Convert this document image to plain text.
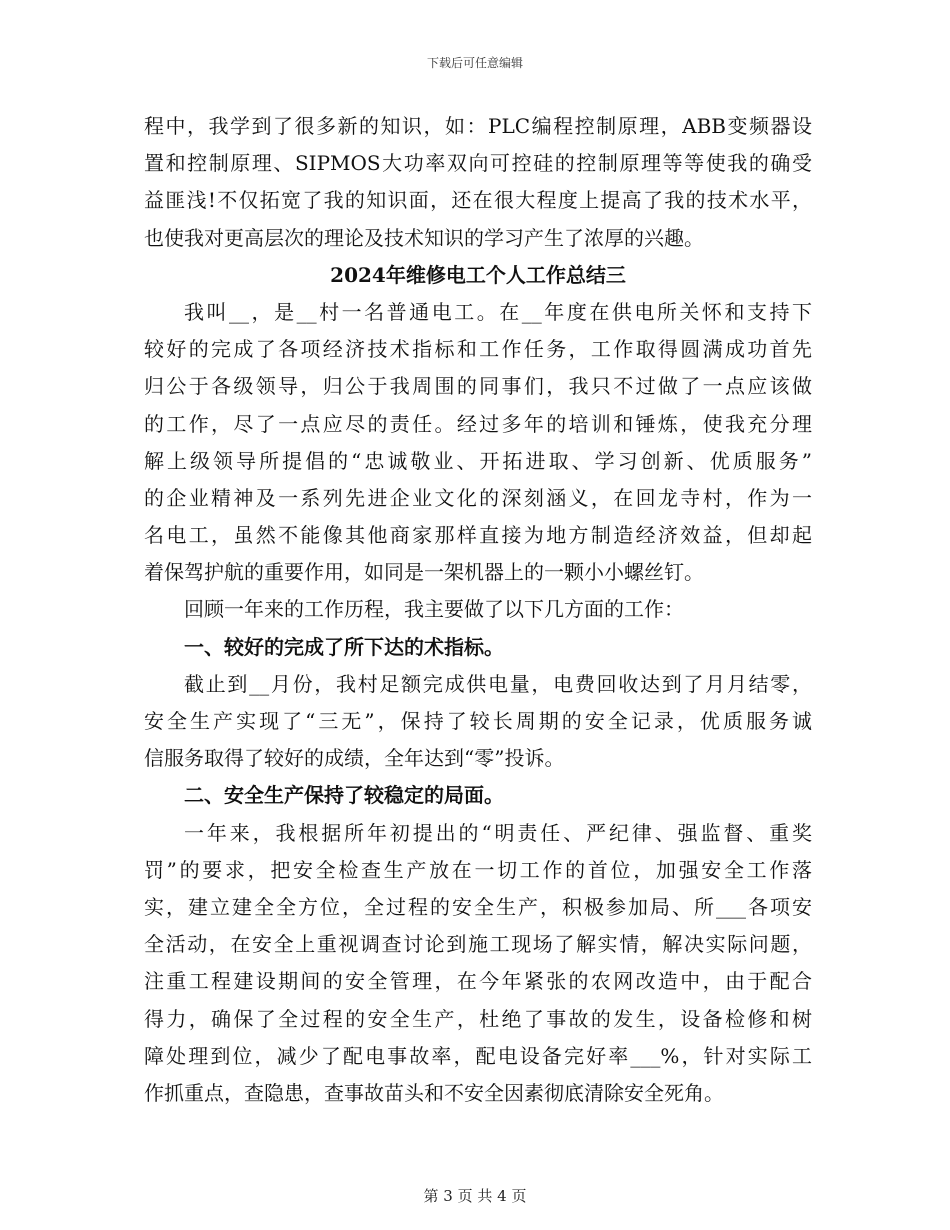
下载后可任意编辑
程中，我学到了很多新的知识，如：PLC编程控制原理，ABB变频器设
置和控制原理、SIPMOS大功率双向可控硅的控制原理等等使我的确受
益匪浅!不仅拓宽了我的知识面，还在很大程度上提高了我的技术水平，
也使我对更高层次的理论及技术知识的学习产生了浓厚的兴趣。
2024年维修电工个人工作总结三
我叫__，是__村一名普通电工。在__年度在供电所关怀和支持下
较好的完成了各项经济技术指标和工作任务，工作取得圆满成功首先
归公于各级领导，归公于我周围的同事们，我只不过做了一点应该做
的工作，尽了一点应尽的责任。经过多年的培训和锤炼，使我充分理
解上级领导所提倡的“忠诚敬业、开拓进取、学习创新、优质服务”
的企业精神及一系列先进企业文化的深刻涵义，在回龙寺村，作为一
名电工，虽然不能像其他商家那样直接为地方制造经济效益，但却起
着保驾护航的重要作用，如同是一架机器上的一颗小小螺丝钉。
回顾一年来的工作历程，我主要做了以下几方面的工作：
一、较好的完成了所下达的术指标。
截止到__月份，我村足额完成供电量，电费回收达到了月月结零，
安全生产实现了“三无”，保持了较长周期的安全记录，优质服务诚
信服务取得了较好的成绩，全年达到“零”投诉。
二、安全生产保持了较稳定的局面。
一年来，我根据所年初提出的“明责任、严纪律、强监督、重奖
罚”的要求，把安全检查生产放在一切工作的首位，加强安全工作落
实，建立建全全方位，全过程的安全生产，积极参加局、所___各项安
全活动，在安全上重视调查讨论到施工现场了解实情，解决实际问题，
注重工程建设期间的安全管理，在今年紧张的农网改造中，由于配合
得力，确保了全过程的安全生产，杜绝了事故的发生，设备检修和树
障处理到位，减少了配电事故率，配电设备完好率___%，针对实际工
作抓重点，查隐患，查事故苗头和不安全因素彻底清除安全死角。
第 3 页 共 4 页
